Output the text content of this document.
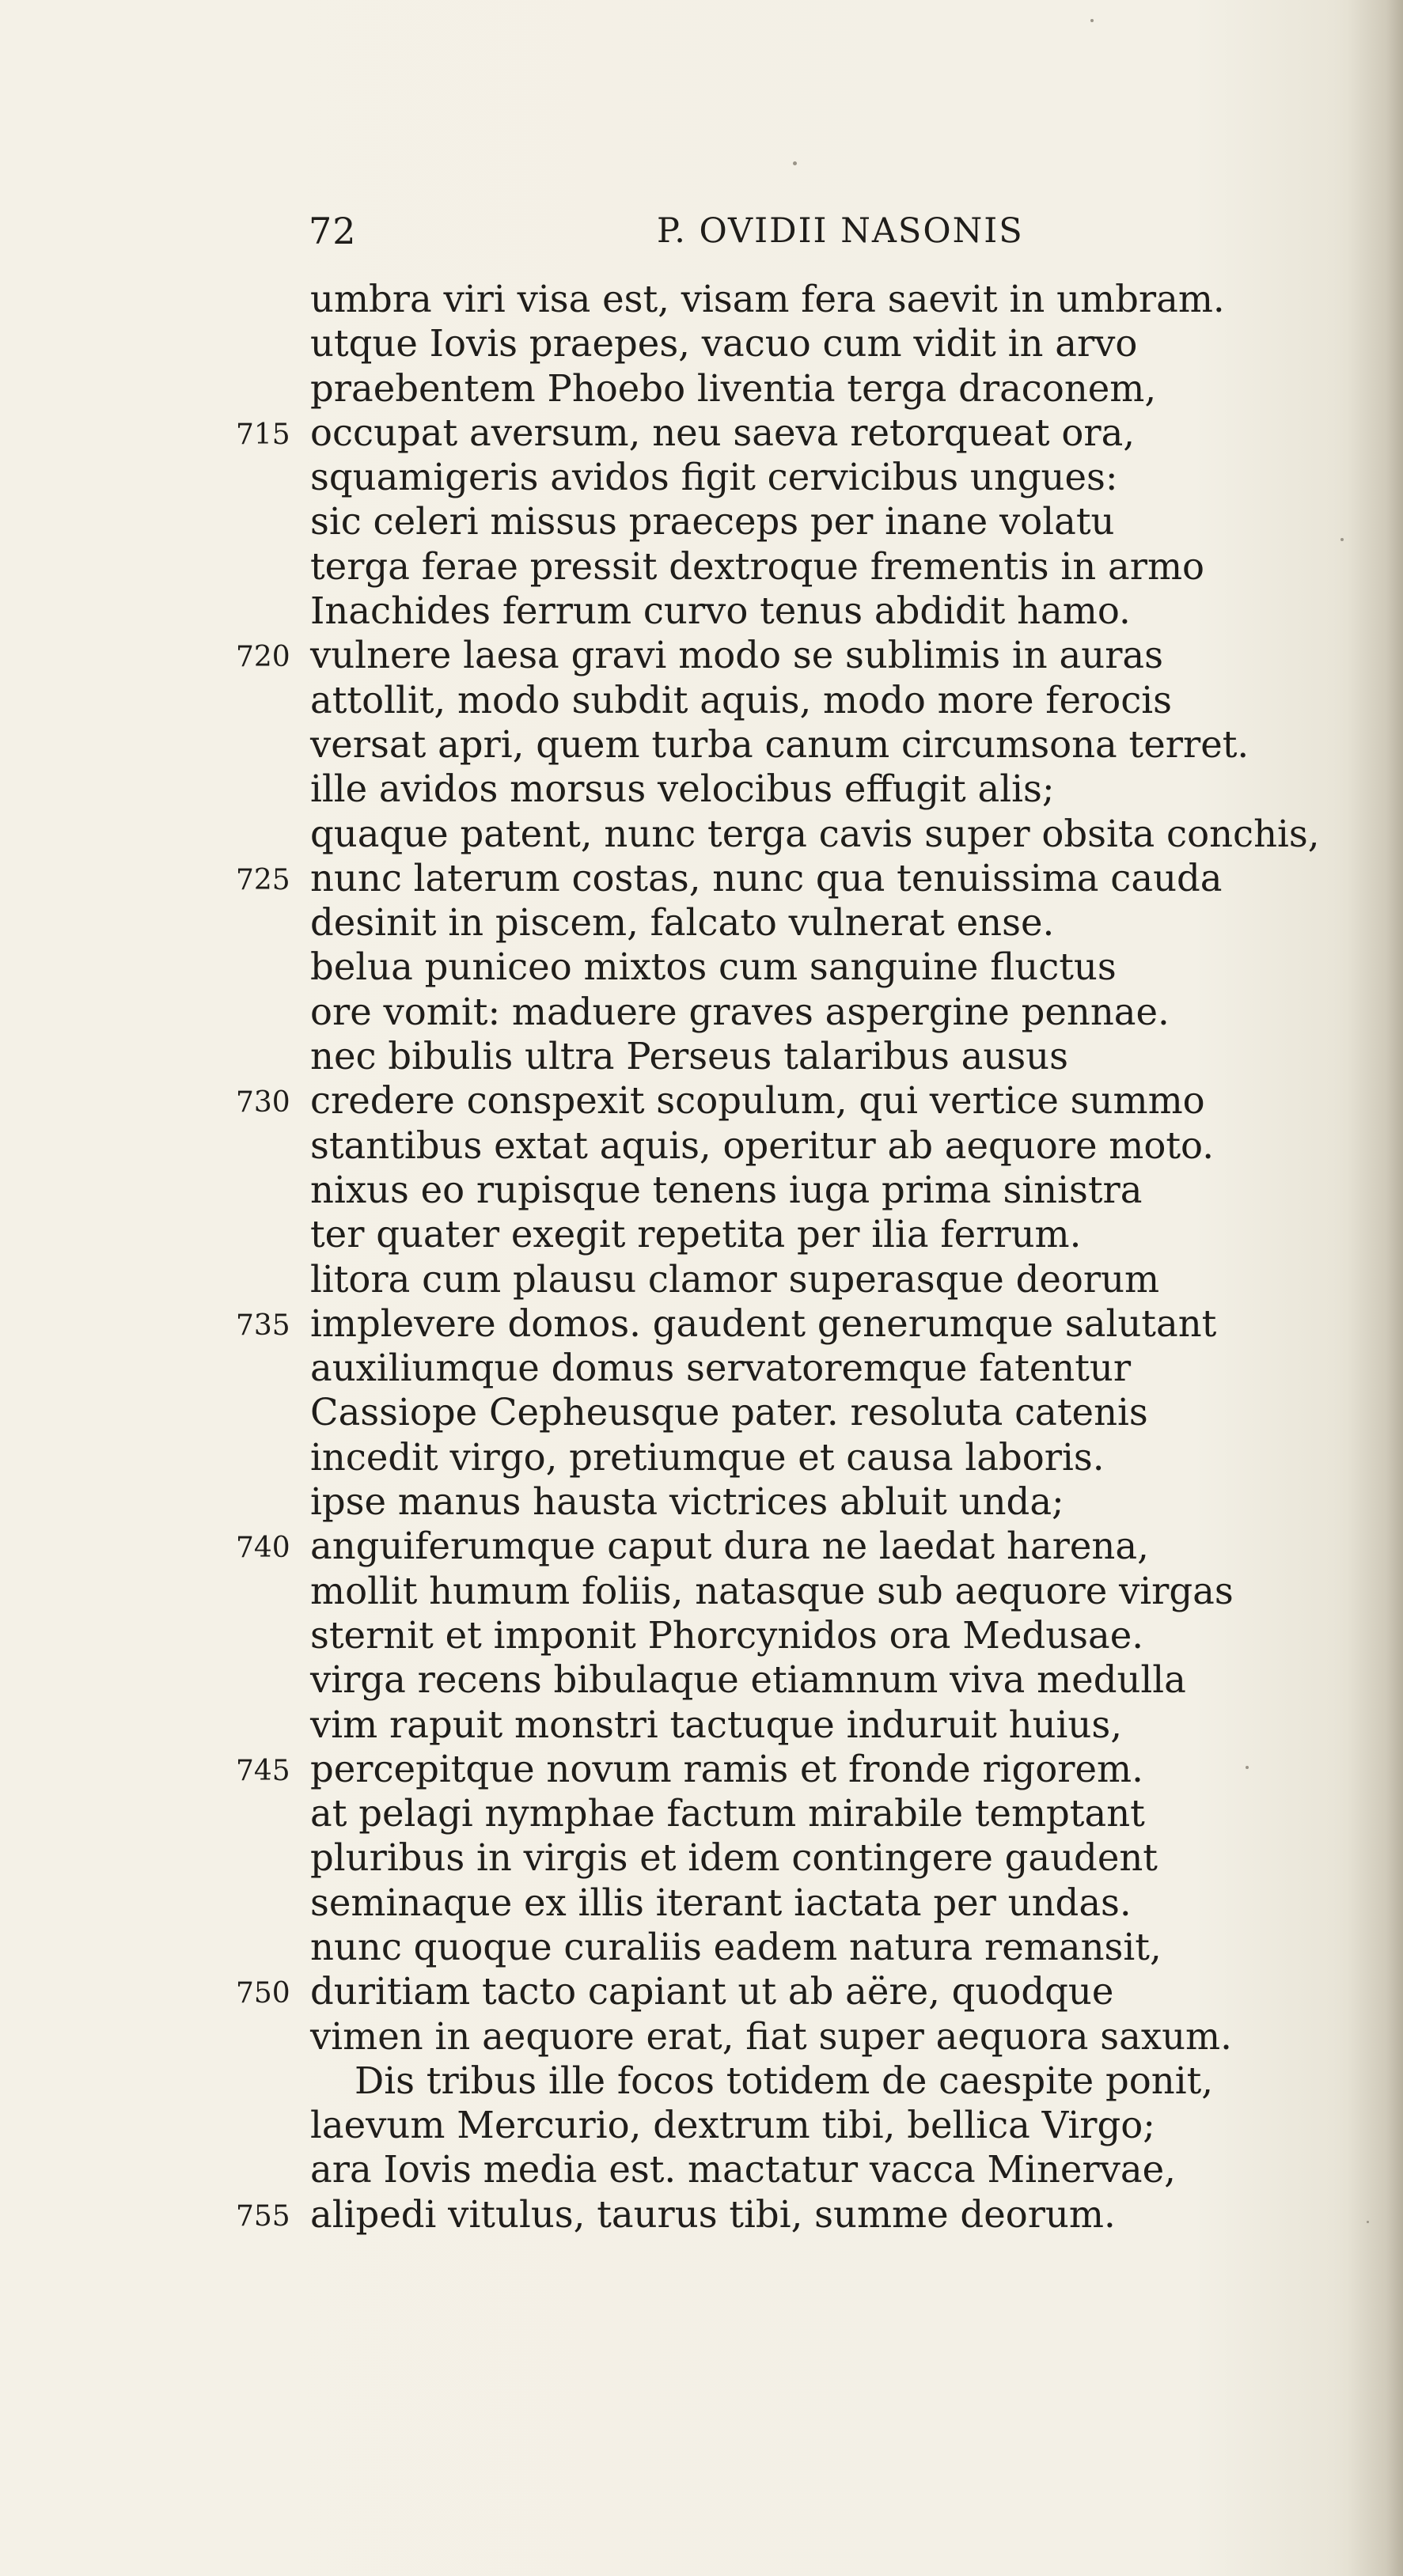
72	P. OVIDII NASONIS
umbra viri visa est, visam fera saevit in umbram.
utque Iovis praepes, vacuo cum vidit in arvo
praebentem Phoebo liventia terga draconem,
715 occupat aversum, neu saeva retorqueat ora,
squamigeris avidos figit cervicibus ungues:
sic celeri missus praeceps per inane volatu
terga ferae pressit dextroque frementis in armo
Inachides ferrum curvo tenus abdidit hamo.
720 vulnere laesa gravi modo se sublimis in auras
attollit, modo subdit aquis, modo more ferocis
versat apri, quem turba canum circumsona terret.
ille avidos morsus velocibus effugit alis;
quaque patent, nunc terga cavis super obsita conchis,
725 nunc laterum costas, nunc qua tenuissima cauda
desinit in piscem, falcato vulnerat ense.
belua puniceo mixtos cum sanguine fluctus
ore vomit: maduere graves aspergine pennae.
nec bibulis ultra Perseus talaribus ausus
730 credere conspexit scopulum, qui vertice summo
stantibus extat aquis, operitur ab aequore moto.
nixus eo rupisque tenens iuga prima sinistra
ter quater exegit repetita per ilia ferrum.
litora cum plausu clamor superasque deorum
735 implevere domos. gaudent generumque salutant
auxiliumque domus servatoremque fatentur
Cassiope Cepheusque pater. resoluta catenis
incedit virgo, pretiumque et causa laboris.
ipse manus hausta victrices abluit unda;
740 anguiferumque caput dura ne laedat harena,
mollit humum foliis, natasque sub aequore virgas
sternit et imponit Phorcynidos ora Medusae.
virga recens bibulaque etiamnum viva medulla
vim rapuit monstri tactuque induruit huius,
745 percepitque novum ramis et fronde rigorem.
at pelagi nymphae factum mirabile temptant
pluribus in virgis et idem contingere gaudent
seminaque ex illis iterant iactata per undas.
nunc quoque curaliis eadem natura remansit,
750 duritiam tacto capiant ut ab aëre, quodque
vimen in aequore erat, fiat super aequora saxum.
Dis tribus ille focos totidem de caespite ponit,
laevum Mercurio, dextrum tibi, bellica Virgo;
ara Iovis media est. mactatur vacca Minervae,
755 alipedi vitulus, taurus tibi, summe deorum.
